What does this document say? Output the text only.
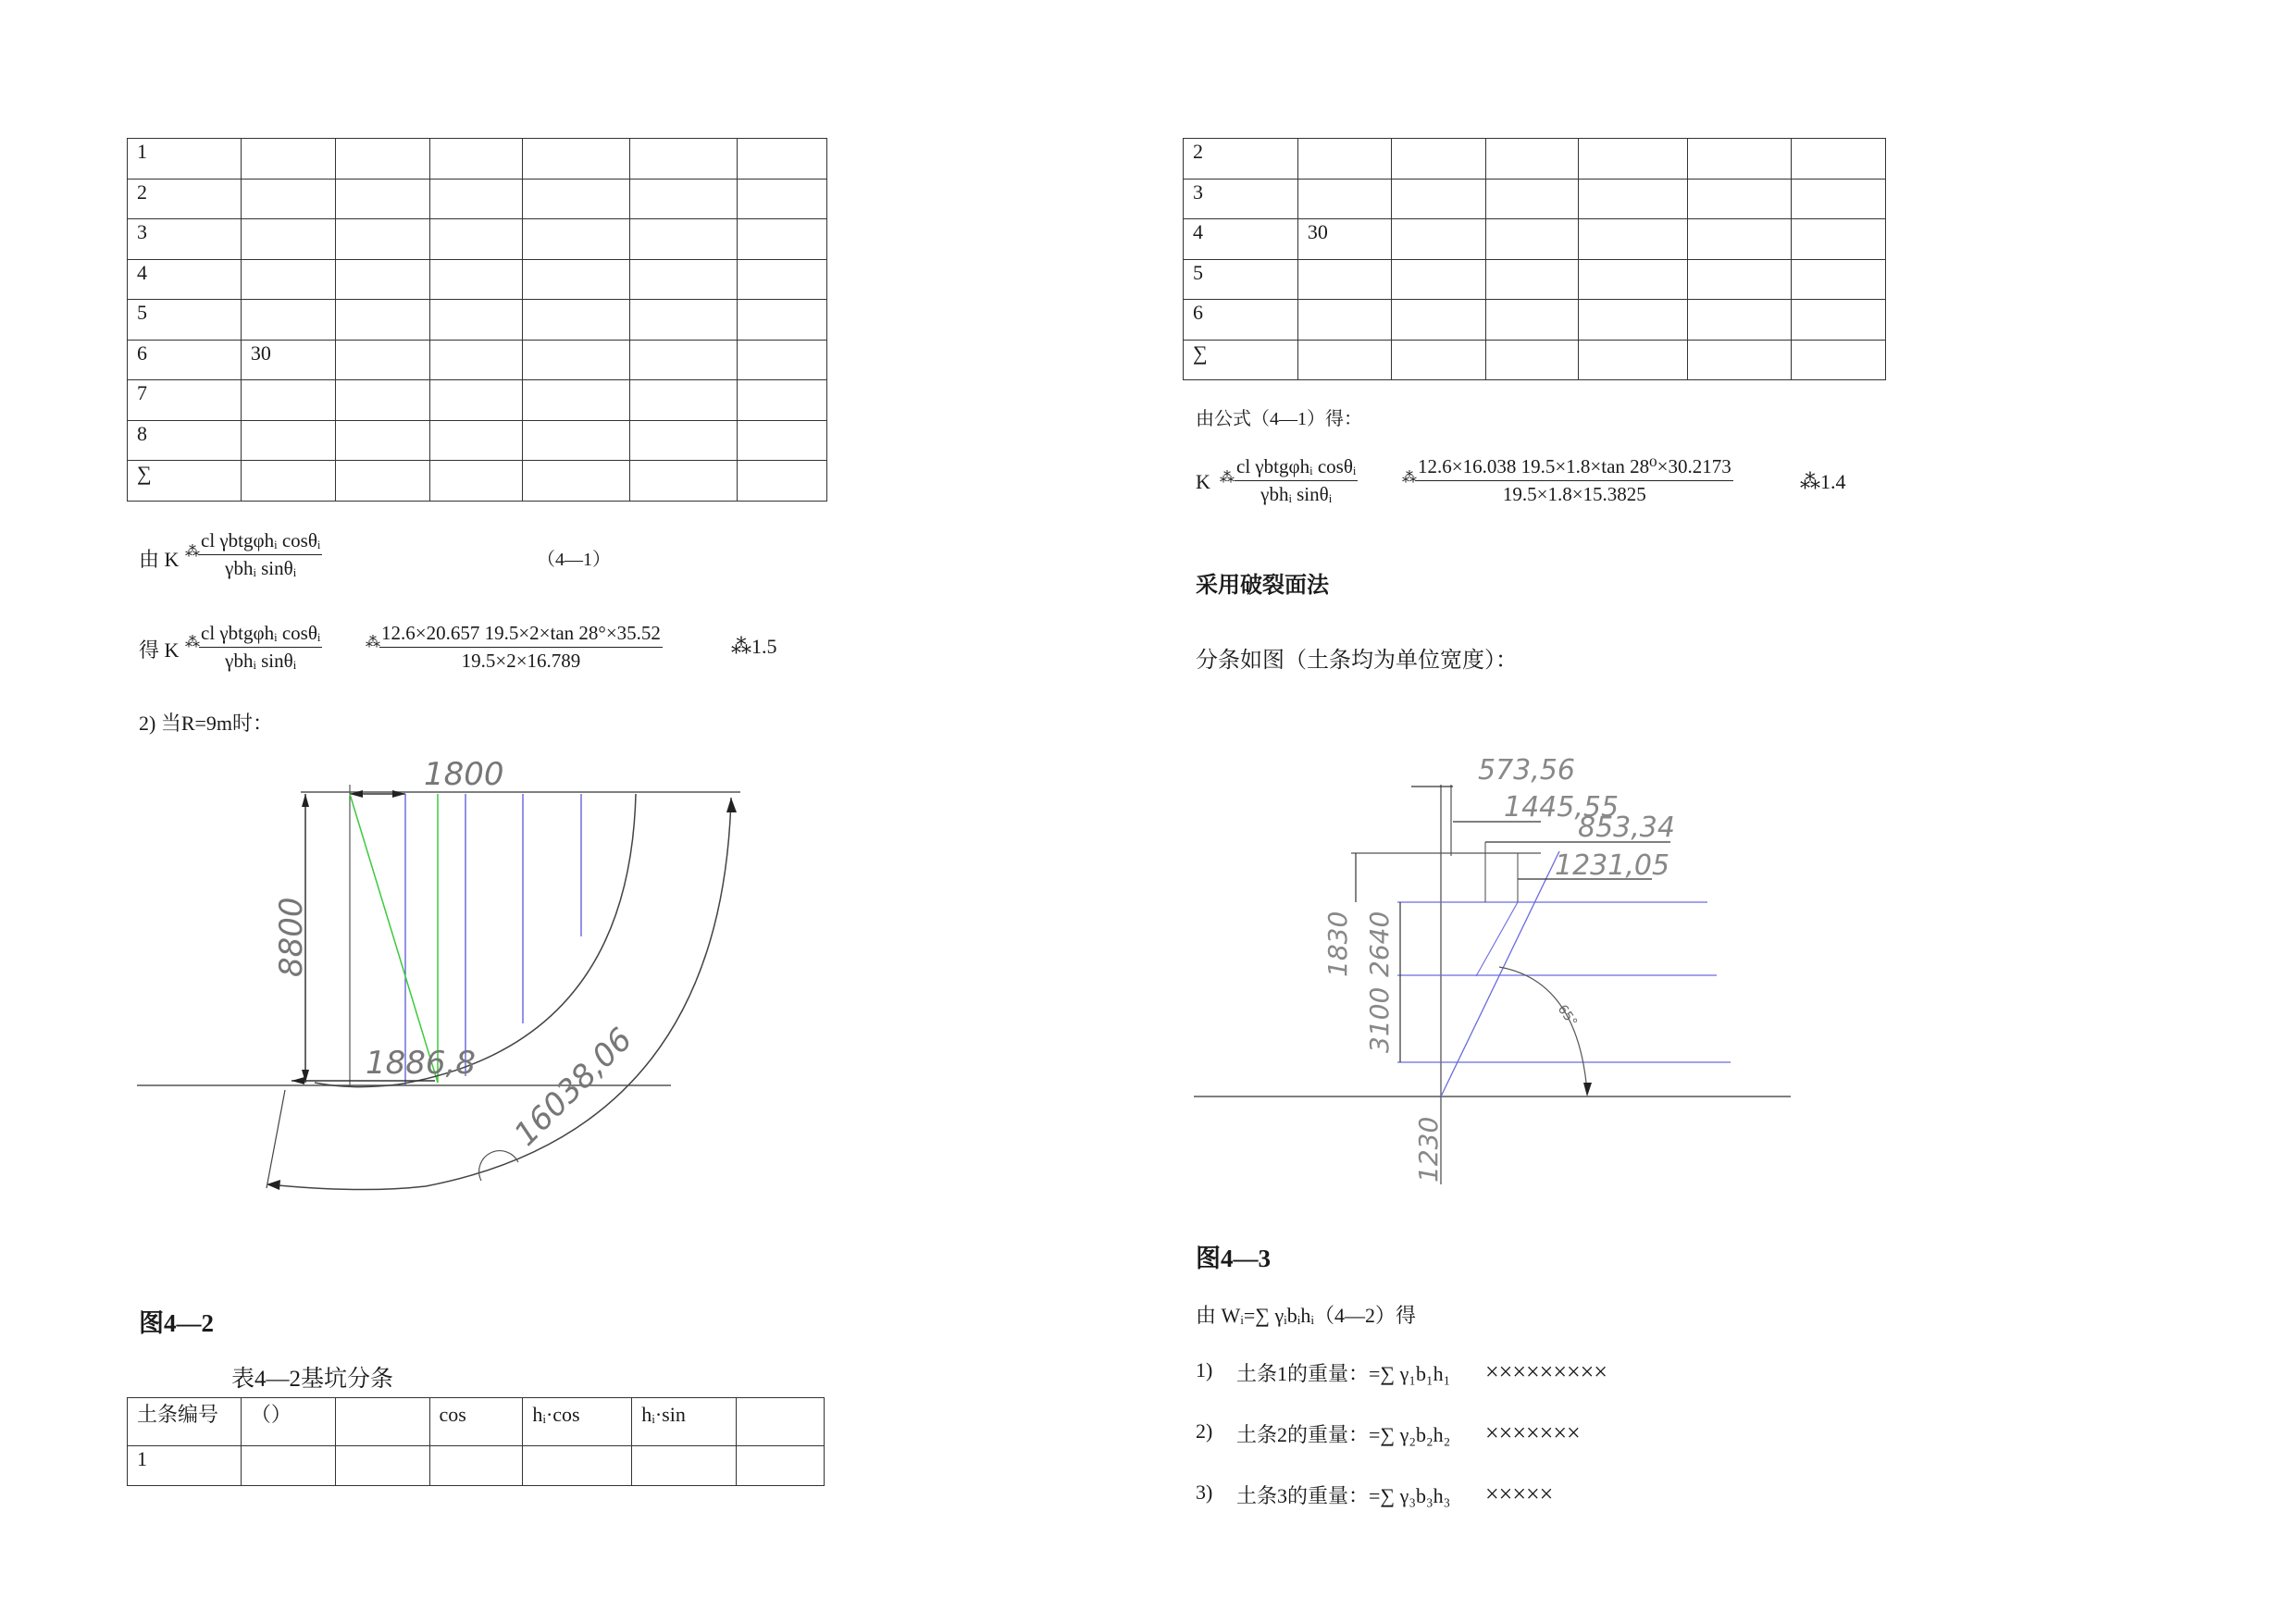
1						
2						
3						
4						
5						
6	30					
7						
8						
∑						
由 K ⁂
cl γbtgφhᵢ cosθᵢ
γbhᵢ sinθᵢ	（4—1）
得 K ⁂ cl γbtgφhᵢ cosθᵢ
γbhᵢ sinθᵢ
⁂ $\frac{12.6\times 20.657 19.5\times 2\times\tan 28^\circ\times 35.52}{19.5\times 2\times 16.789}$	⁂1.5
2) 当R=9m时：
8800
1800
16038,06
1886,8
图4—2
表4—2基坑分条
土条编号	（）		cos	hᵢ·cos	hᵢ·sin	
1						
2						
3						
4	30					
5						
6						
∑						
由公式（4—1）得：
K ⁂
cl γbtgφhᵢ cosθᵢ
γbhᵢ sinθᵢ
⁂ $\frac{\text{12.6×16.038 19.5×1.8×tan 28⁰×30.2173}}{19.5\times 1.8\times 15.3825}$	⁂1.4
采用破裂面法
分条如图（土条均为单位宽度）：
573,56
1445,55
853,34
1231,05
1830 2640
3100
1230
65°
图4—3
由 Wᵢ=∑ γᵢbᵢhᵢ（4—2）得
1) 土条1的重量：=∑ γ₁b₁h₁ ×××××××××
2) 土条2的重量：=∑ γ₂b₂h₂ ×××××××
3) 土条3的重量：=∑ γ₃b₃h₃ ×××××
